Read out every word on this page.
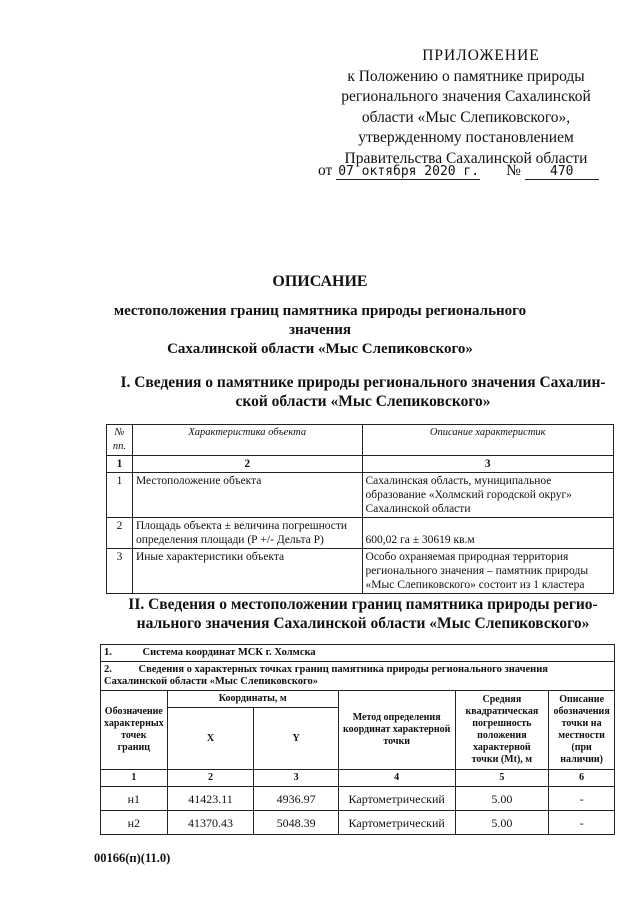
ПРИЛОЖЕНИЕ
к Положению о памятнике природы
регионального значения Сахалинской
области «Мыс Слепиковского»,
утвержденному постановлением
Правительства Сахалинской области
от 07 октября 2020 г. № 470
ОПИСАНИЕ
местоположения границ памятника природы регионального значения
Сахалинской области «Мыс Слепиковского»
I. Сведения о памятнике природы регионального значения Сахалин-
ской области «Мыс Слепиковского»
№ пп.	Характеристика объекта	Описание характеристик
1	2	3
1	Местоположение объекта	Сахалинская область, муниципальное образование «Холмский городской округ» Сахалинской области
2	Площадь объекта ± величина погрешности определения площади (Р +/- Дельта Р)	600,02 га ± 30619 кв.м
3	Иные характеристики объекта	Особо охраняемая природная территория регионального значения – памятник природы «Мыс Слепиковского» состоит из 1 кластера
II. Сведения о местоположении границ памятника природы регио-
нального значения Сахалинской области «Мыс Слепиковского»
1. Система координат МСК г. Холмска					
2. Сведения о характерных точках границ памятника природы регионального значения Сахалинской области «Мыс Слепиковского»					
Обозначение характерных точек границ	Координаты, м		Метод определения координат характерной точки	Средняя квадратическая погрешность положения характерной точки (Mt), м	Описание обозначения точки на местности (при наличии)
	X	Y			
1	2	3	4	5	6
н1	41423.11	4936.97	Картометрический	5.00	-
н2	41370.43	5048.39	Картометрический	5.00	-
00166(п)(11.0)
